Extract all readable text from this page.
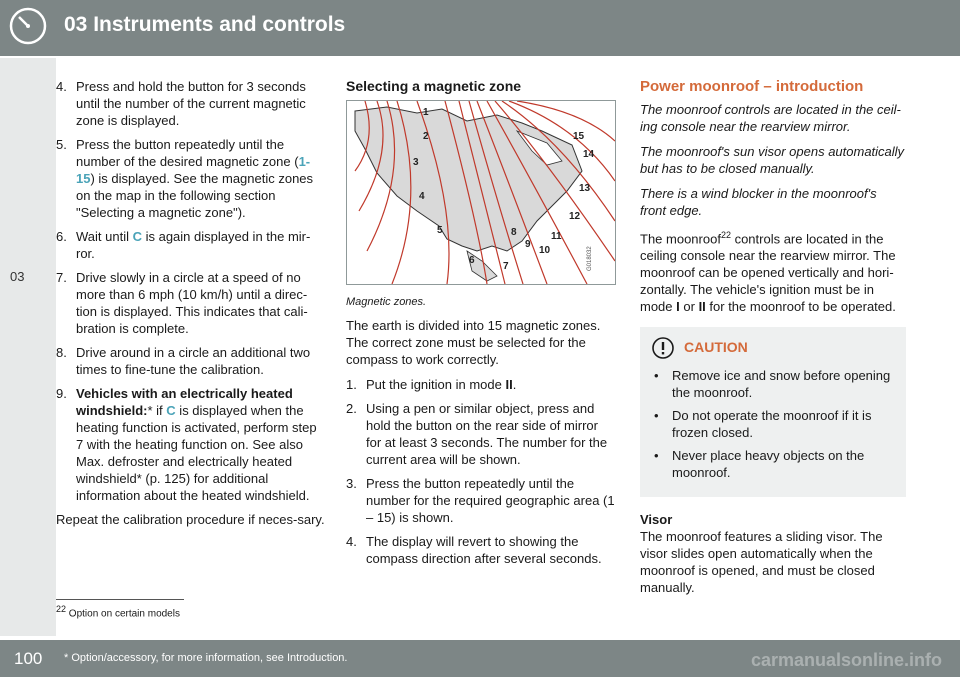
03 Instruments and controls
03
4. Press and hold the button for 3 seconds until the number of the current magnetic zone is displayed.
5. Press the button repeatedly until the number of the desired magnetic zone (1-15) is displayed. See the magnetic zones on the map in the following section "Selecting a magnetic zone").
6. Wait until C is again displayed in the mir-ror.
7. Drive slowly in a circle at a speed of no more than 6 mph (10 km/h) until a direc-tion is displayed. This indicates that cali-bration is complete.
8. Drive around in a circle an additional two times to fine-tune the calibration.
9. Vehicles with an electrically heated windshield:* if C is displayed when the heating function is activated, perform step 7 with the heating function on. See also Max. defroster and electrically heated windshield* (p. 125) for additional information about the heated windshield.

Repeat the calibration procedure if neces-sary.

Selecting a magnetic zone
G018032
1
2
3
4
5
6
7
8
9
10
11
12
13
14
15
Magnetic zones.

The earth is divided into 15 magnetic zones. The correct zone must be selected for the compass to work correctly.

1. Put the ignition in mode II.
2. Using a pen or similar object, press and hold the button on the rear side of mirror for at least 3 seconds. The number for the current area will be shown.
3. Press the button repeatedly until the number for the required geographic area (1 – 15) is shown.
4. The display will revert to showing the compass direction after several seconds.
Power moonroof – introduction
The moonroof controls are located in the ceil-ing console near the rearview mirror.
The moonroof's sun visor opens automatically but has to be closed manually.
There is a wind blocker in the moonroof's front edge.

The moonroof$^{22}$ controls are located in the ceiling console near the rearview mirror. The moonroof can be opened vertically and hori-zontally. The vehicle's ignition must be in mode I or II for the moonroof to be operated.

CAUTION
• Remove ice and snow before opening the moonroof.
• Do not operate the moonroof if it is frozen closed.
• Never place heavy objects on the moonroof.
Visor

The moonroof features a sliding visor. The visor slides open automatically when the moonroof is opened, and must be closed manually.

$^{22}$ Option on certain models
100 * Option/accessory, for more information, see Introduction.	carmanualsonline.info
